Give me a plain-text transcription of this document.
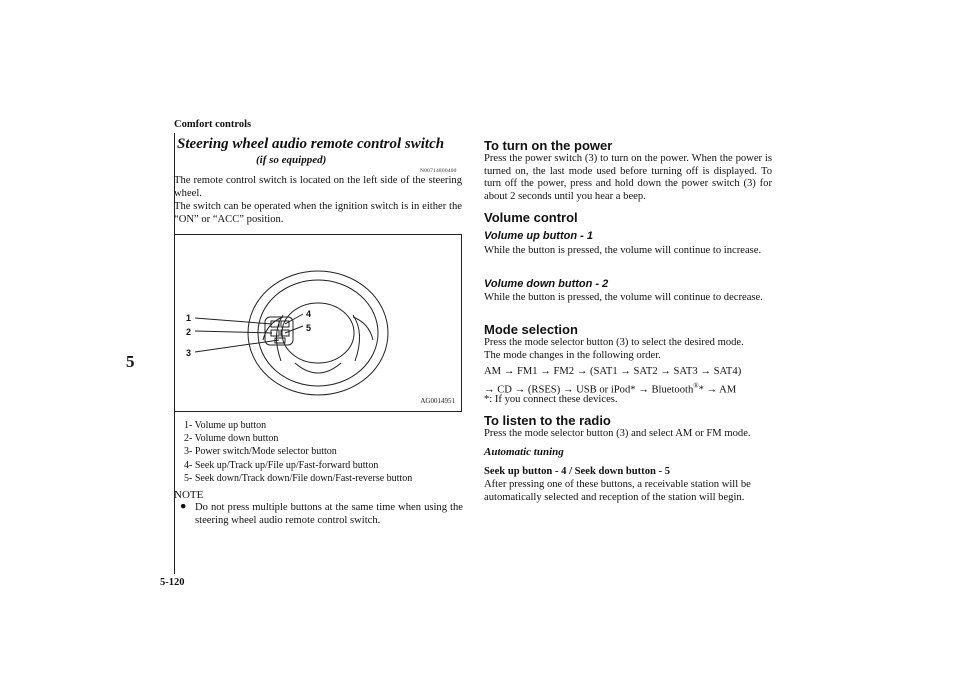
Comfort controls
5
5-120
Steering wheel audio remote control switch
(if so equipped)
N00714800400
The remote control switch is located on the left side of the steering wheel.
The switch can be operated when the ignition switch is in either the “ON” or “ACC” position.
1
2
3
4
5
AG0014951
1- Volume up button
2- Volume down button
3- Power switch/Mode selector button
4- Seek up/Track up/File up/Fast-forward button
5- Seek down/Track down/File down/Fast-reverse button
NOTE
● Do not press multiple buttons at the same time when using the steering wheel audio remote control switch.
To turn on the power
Press the power switch (3) to turn on the power. When the power is turned on, the last mode used before turning off is displayed. To turn off the power, press and hold down the power switch (3) for about 2 seconds until you hear a beep.
Volume control
Volume up button - 1
While the button is pressed, the volume will continue to increase.
Volume down button - 2
While the button is pressed, the volume will continue to decrease.
Mode selection
Press the mode selector button (3) to select the desired mode.
The mode changes in the following order.
AM → FM1 → FM2 → (SAT1 → SAT2 → SAT3 → SAT4)
→ CD → (RSES) → USB or iPod* → Bluetooth®* → AM
*: If you connect these devices.
To listen to the radio
Press the mode selector button (3) and select AM or FM mode.
Automatic tuning
Seek up button - 4 / Seek down button - 5
After pressing one of these buttons, a receivable station will be automatically selected and reception of the station will begin.
